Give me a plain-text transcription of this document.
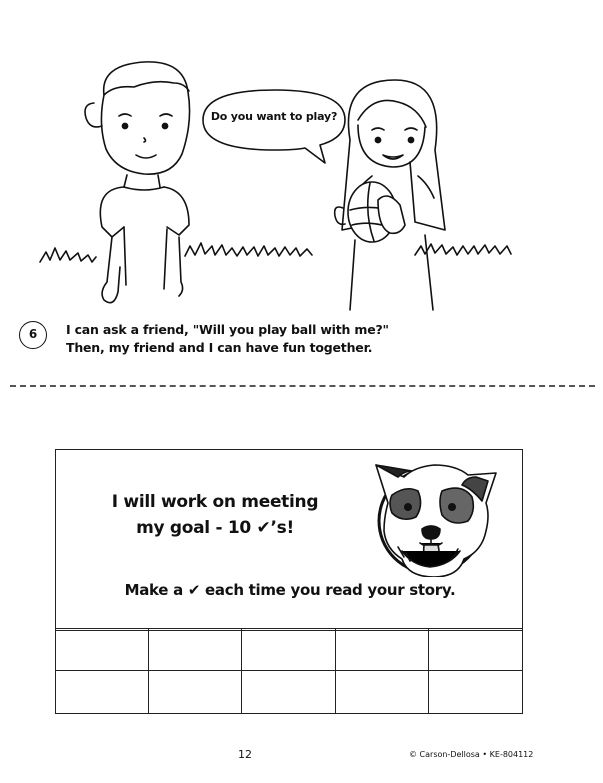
Do you want to play?
6	I can ask a friend, "Will you play ball with me?"
Then, my friend and I can have fun together.
I will work on meeting
my goal - 10 ✔’s!
Make a ✔ each time you read your story.
12	© Carson-Dellosa • KE-804112
